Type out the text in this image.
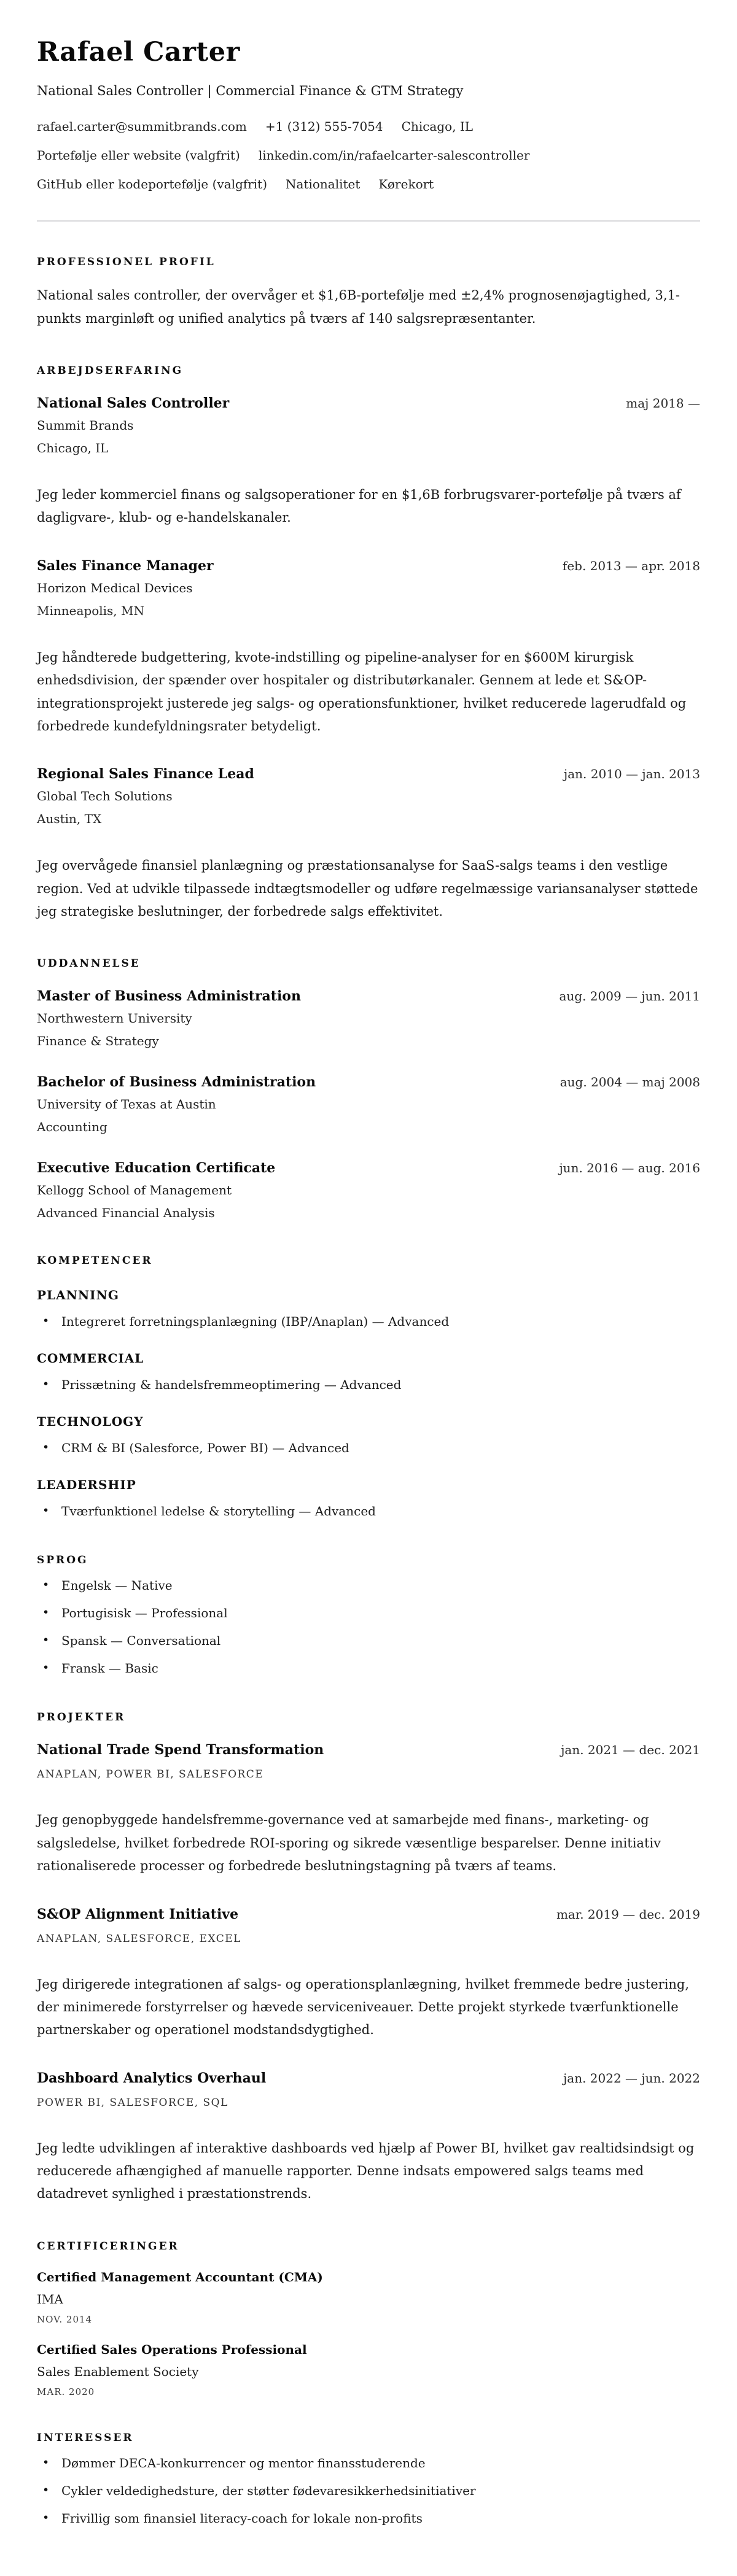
Rafael Carter
National Sales Controller | Commercial Finance & GTM Strategy
rafael.carter@summitbrands.com +1 (312) 555-7054 Chicago, IL
Portefølje eller website (valgfrit) linkedin.com/in/rafaelcarter-salescontroller
GitHub eller kodeportefølje (valgfrit) Nationalitet Kørekort
PROFESSIONEL PROFIL

National sales controller, der overvåger et $1,6B-portefølje med ±2,4% prognosenøjagtighed, 3,1-punkts marginløft og unified analytics på tværs af 140 salgsrepræsentanter.

ARBEJDSERFARING
National Sales Controller	maj 2018 —
Summit Brands
Chicago, IL

Jeg leder kommerciel finans og salgsoperationer for en $1,6B forbrugsvarer-portefølje på tværs af dagligvare-, klub- og e-handelskanaler.

Sales Finance Manager	feb. 2013 — apr. 2018
Horizon Medical Devices
Minneapolis, MN

Jeg håndterede budgettering, kvote-indstilling og pipeline-analyser for en $600M kirurgisk enhedsdivision, der spænder over hospitaler og distributørkanaler. Gennem at lede et S&OP-integrationsprojekt justerede jeg salgs- og operationsfunktioner, hvilket reducerede lagerudfald og forbedrede kundefyldningsrater betydeligt.

Regional Sales Finance Lead	jan. 2010 — jan. 2013
Global Tech Solutions
Austin, TX

Jeg overvågede finansiel planlægning og præstationsanalyse for SaaS-salgs teams i den vestlige region. Ved at udvikle tilpassede indtægtsmodeller og udføre regelmæssige variansanalyser støttede jeg strategiske beslutninger, der forbedrede salgs effektivitet.

UDDANNELSE
Master of Business Administration	aug. 2009 — jun. 2011
Northwestern University
Finance & Strategy
Bachelor of Business Administration	aug. 2004 — maj 2008
University of Texas at Austin
Accounting
Executive Education Certificate	jun. 2016 — aug. 2016
Kellogg School of Management
Advanced Financial Analysis
KOMPETENCER
PLANNING
• Integreret forretningsplanlægning (IBP/Anaplan) — Advanced
COMMERCIAL
• Prissætning & handelsfremmeoptimering — Advanced
TECHNOLOGY
• CRM & BI (Salesforce, Power BI) — Advanced
LEADERSHIP
• Tværfunktionel ledelse & storytelling — Advanced
SPROG
• Engelsk — Native
• Portugisisk — Professional
• Spansk — Conversational
• Fransk — Basic
PROJEKTER
National Trade Spend Transformation	jan. 2021 — dec. 2021
ANAPLAN, POWER BI, SALESFORCE

Jeg genopbyggede handelsfremme-governance ved at samarbejde med finans-, marketing- og salgsledelse, hvilket forbedrede ROI-sporing og sikrede væsentlige besparelser. Denne initiativ rationaliserede processer og forbedrede beslutningstagning på tværs af teams.

S&OP Alignment Initiative	mar. 2019 — dec. 2019
ANAPLAN, SALESFORCE, EXCEL

Jeg dirigerede integrationen af salgs- og operationsplanlægning, hvilket fremmede bedre justering, der minimerede forstyrrelser og hævede serviceniveauer. Dette projekt styrkede tværfunktionelle partnerskaber og operationel modstandsdygtighed.

Dashboard Analytics Overhaul	jan. 2022 — jun. 2022
POWER BI, SALESFORCE, SQL

Jeg ledte udviklingen af interaktive dashboards ved hjælp af Power BI, hvilket gav realtidsindsigt og reducerede afhængighed af manuelle rapporter. Denne indsats empowered salgs teams med datadrevet synlighed i præstationstrends.

CERTIFICERINGER
Certified Management Accountant (CMA)
IMA
NOV. 2014
Certified Sales Operations Professional
Sales Enablement Society
MAR. 2020
INTERESSER
• Dømmer DECA-konkurrencer og mentor finansstuderende
• Cykler veldedighedsture, der støtter fødevaresikkerhedsinitiativer
• Frivillig som finansiel literacy-coach for lokale non-profits
